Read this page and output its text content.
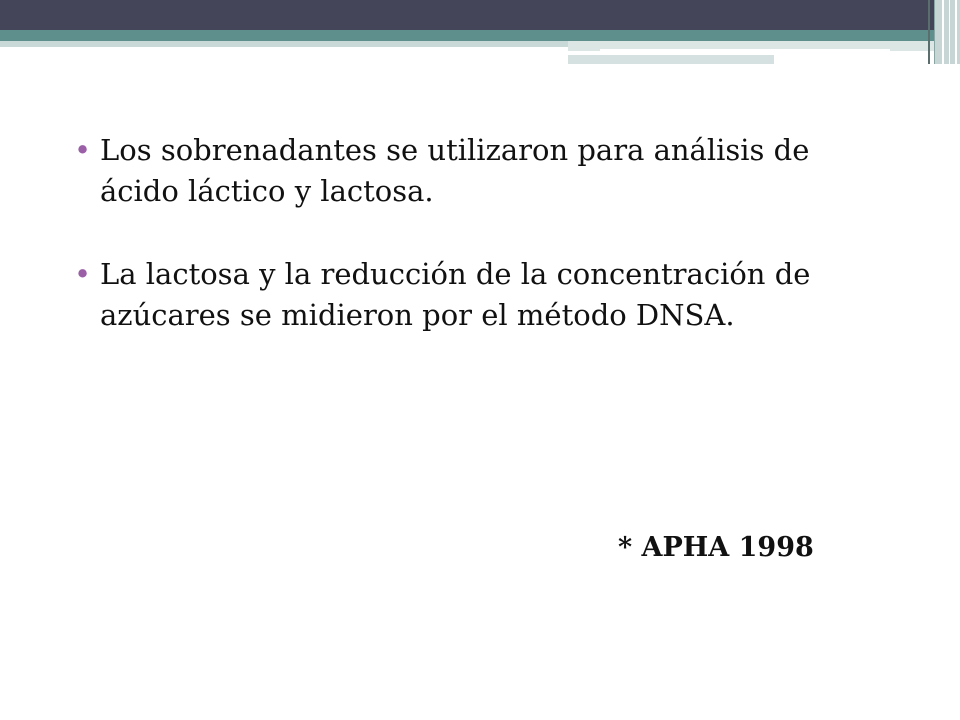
• Los sobrenadantes se utilizaron para análisis de ácido láctico y lactosa.
• La lactosa y la reducción de la concentración de azúcares se midieron por el método DNSA.
* APHA 1998
